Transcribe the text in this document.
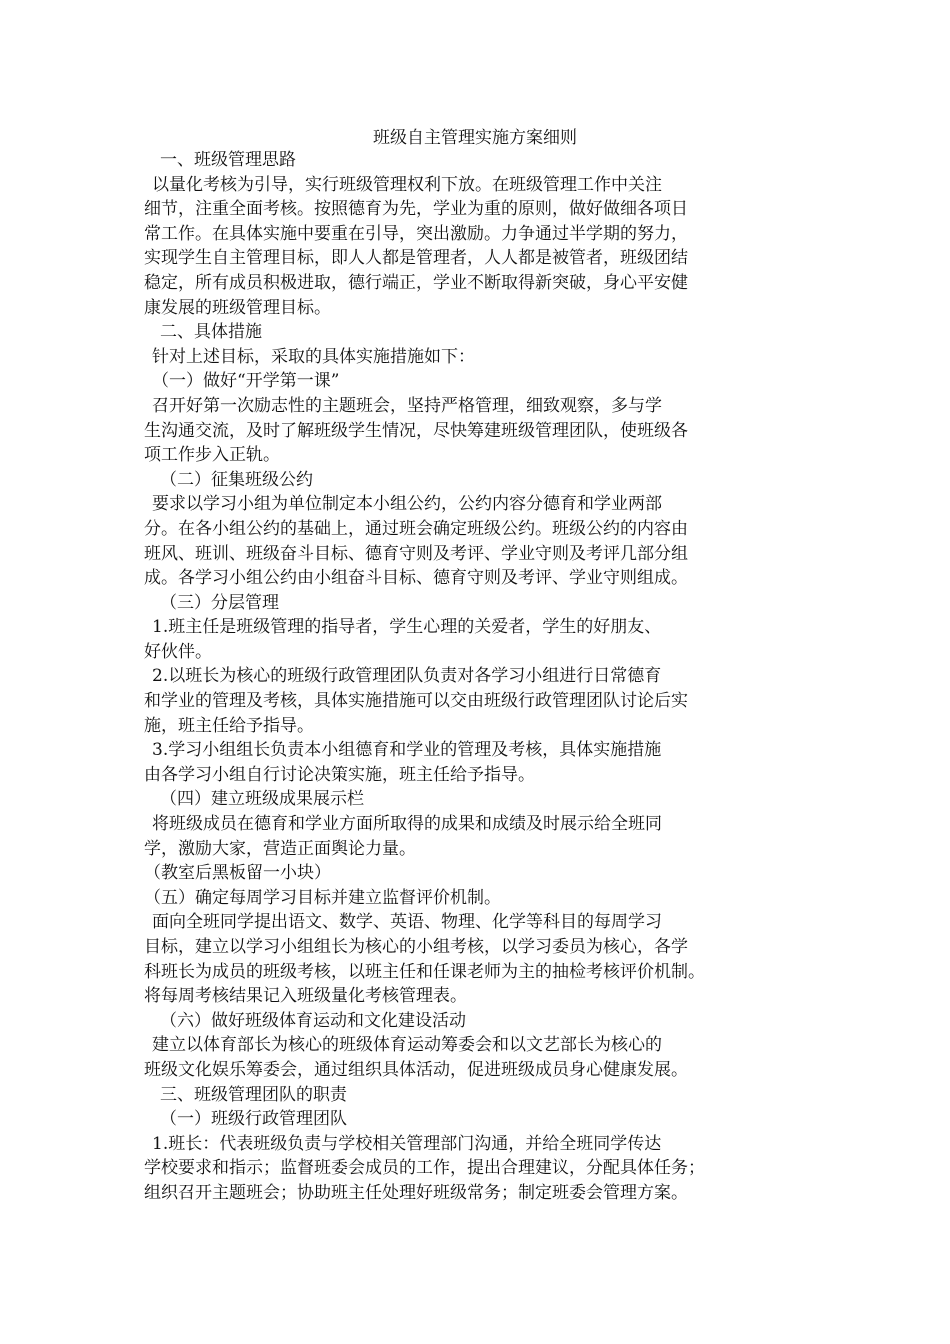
班级自主管理实施方案细则
一、班级管理思路
以量化考核为引导，实行班级管理权利下放。在班级管理工作中关注
细节，注重全面考核。按照德育为先，学业为重的原则，做好做细各项日
常工作。在具体实施中要重在引导，突出激励。力争通过半学期的努力，
实现学生自主管理目标，即人人都是管理者，人人都是被管者，班级团结
稳定，所有成员积极进取，德行端正，学业不断取得新突破，身心平安健
康发展的班级管理目标。
二、具体措施
针对上述目标，采取的具体实施措施如下：
（一）做好“开学第一课”
召开好第一次励志性的主题班会，坚持严格管理，细致观察，多与学
生沟通交流，及时了解班级学生情况，尽快筹建班级管理团队，使班级各
项工作步入正轨。
（二）征集班级公约
要求以学习小组为单位制定本小组公约，公约内容分德育和学业两部
分。在各小组公约的基础上，通过班会确定班级公约。班级公约的内容由
班风、班训、班级奋斗目标、德育守则及考评、学业守则及考评几部分组
成。各学习小组公约由小组奋斗目标、德育守则及考评、学业守则组成。
（三）分层管理
1.班主任是班级管理的指导者，学生心理的关爱者，学生的好朋友、
好伙伴。
2.以班长为核心的班级行政管理团队负责对各学习小组进行日常德育
和学业的管理及考核，具体实施措施可以交由班级行政管理团队讨论后实
施，班主任给予指导。
3.学习小组组长负责本小组德育和学业的管理及考核，具体实施措施
由各学习小组自行讨论决策实施，班主任给予指导。
（四）建立班级成果展示栏
将班级成员在德育和学业方面所取得的成果和成绩及时展示给全班同
学，激励大家，营造正面舆论力量。
（教室后黑板留一小块）
（五）确定每周学习目标并建立监督评价机制。
面向全班同学提出语文、数学、英语、物理、化学等科目的每周学习
目标，建立以学习小组组长为核心的小组考核，以学习委员为核心，各学
科班长为成员的班级考核，以班主任和任课老师为主的抽检考核评价机制。
将每周考核结果记入班级量化考核管理表。
（六）做好班级体育运动和文化建设活动
建立以体育部长为核心的班级体育运动筹委会和以文艺部长为核心的
班级文化娱乐筹委会，通过组织具体活动，促进班级成员身心健康发展。
三、班级管理团队的职责
（一）班级行政管理团队
1.班长：代表班级负责与学校相关管理部门沟通，并给全班同学传达
学校要求和指示；监督班委会成员的工作，提出合理建议，分配具体任务；
组织召开主题班会；协助班主任处理好班级常务；制定班委会管理方案。
